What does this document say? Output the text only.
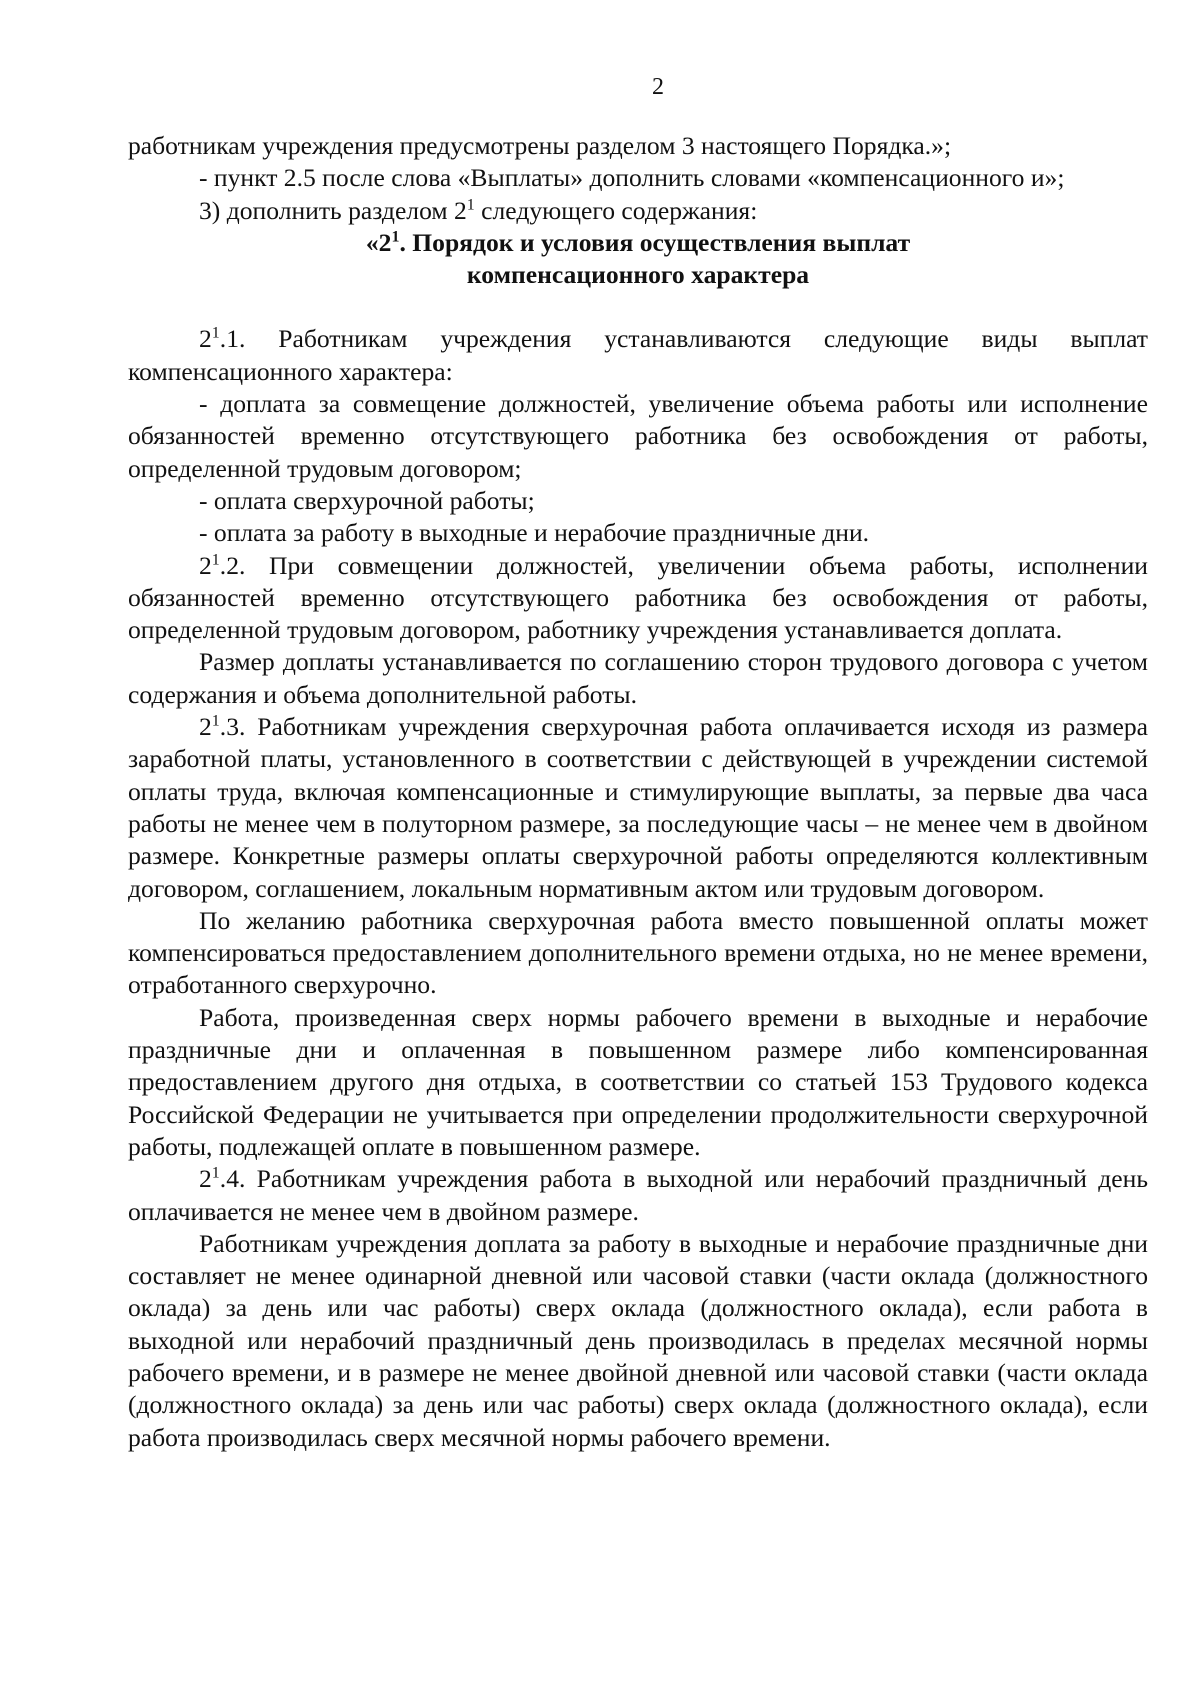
2

работникам учреждения предусмотрены разделом 3 настоящего Порядка.»;

- пункт 2.5 после слова «Выплаты» дополнить словами «компенсационного и»;

3) дополнить разделом $2^1$ следующего содержания:

«$2^1$. Порядок и условия осуществления выплат

компенсационного характера

$2^1.1$. Работникам учреждения устанавливаются следующие виды выплат компенсационного характера:

- доплата за совмещение должностей, увеличение объема работы или исполнение обязанностей временно отсутствующего работника без освобождения от работы, определенной трудовым договором;

- оплата сверхурочной работы;

- оплата за работу в выходные и нерабочие праздничные дни.

$2^1.2$. При совмещении должностей, увеличении объема работы, исполнении обязанностей временно отсутствующего работника без освобождения от работы, определенной трудовым договором, работнику учреждения устанавливается доплата.

Размер доплаты устанавливается по соглашению сторон трудового договора с учетом содержания и объема дополнительной работы.

$2^1.3$. Работникам учреждения сверхурочная работа оплачивается исходя из размера заработной платы, установленного в соответствии с действующей в учреждении системой оплаты труда, включая компенсационные и стимулирующие выплаты, за первые два часа работы не менее чем в полуторном размере, за последующие часы – не менее чем в двойном размере. Конкретные размеры оплаты сверхурочной работы определяются коллективным договором, соглашением, локальным нормативным актом или трудовым договором.

По желанию работника сверхурочная работа вместо повышенной оплаты может компенсироваться предоставлением дополнительного времени отдыха, но не менее времени, отработанного сверхурочно.

Работа, произведенная сверх нормы рабочего времени в выходные и нерабочие праздничные дни и оплаченная в повышенном размере либо компенсированная предоставлением другого дня отдыха, в соответствии со статьей 153 Трудового кодекса Российской Федерации не учитывается при определении продолжительности сверхурочной работы, подлежащей оплате в повышенном размере.

$2^1.4$. Работникам учреждения работа в выходной или нерабочий праздничный день оплачивается не менее чем в двойном размере.

Работникам учреждения доплата за работу в выходные и нерабочие праздничные дни составляет не менее одинарной дневной или часовой ставки (части оклада (должностного оклада) за день или час работы) сверх оклада (должностного оклада), если работа в выходной или нерабочий праздничный день производилась в пределах месячной нормы рабочего времени, и в размере не менее двойной дневной или часовой ставки (части оклада (должностного оклада) за день или час работы) сверх оклада (должностного оклада), если работа производилась сверх месячной нормы рабочего времени.
